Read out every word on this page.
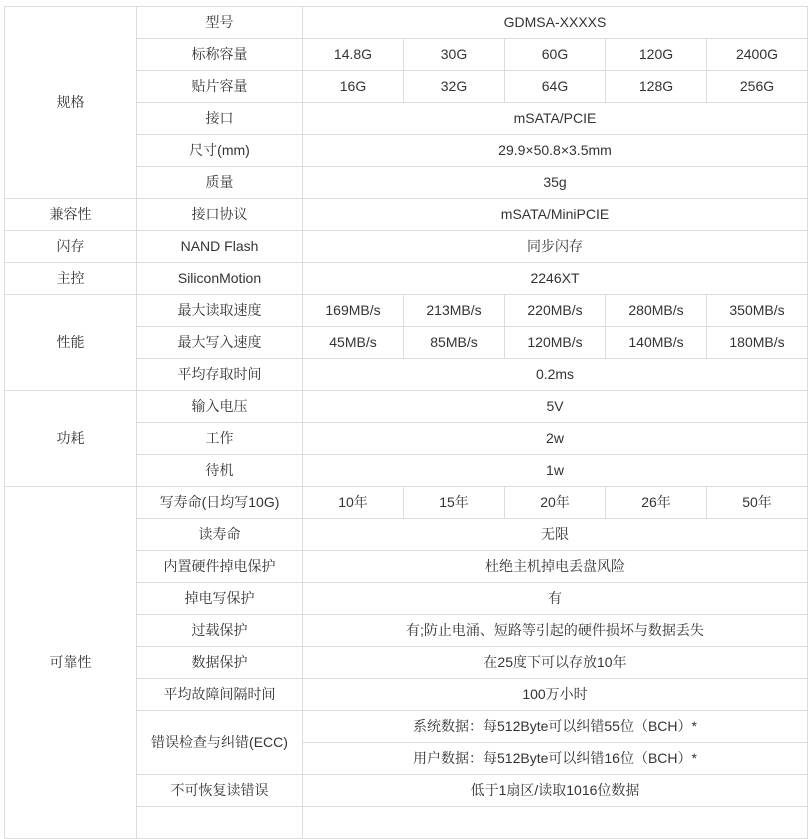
规格	型号	GDMSA-XXXXS				
	标称容量	14.8G	30G	60G	120G	2400G
	贴片容量	16G	32G	64G	128G	256G
	接口	mSATA/PCIE				
	尺寸(mm)	29.9×50.8×3.5mm				
	质量	35g				
兼容性	接口协议	mSATA/MiniPCIE				
闪存	NAND Flash	同步闪存				
主控	SiliconMotion	2246XT				
性能	最大读取速度	169MB/s	213MB/s	220MB/s	280MB/s	350MB/s
	最大写入速度	45MB/s	85MB/s	120MB/s	140MB/s	180MB/s
	平均存取时间	0.2ms				
功耗	输入电压	5V				
	工作	2w				
	待机	1w				
可靠性	写寿命(日均写10G)	10年	15年	20年	26年	50年
	读寿命	无限				
	内置硬件掉电保护	杜绝主机掉电丢盘风险				
	掉电写保护	有				
	过载保护	有;防止电涌、短路等引起的硬件损坏与数据丢失				
	数据保护	在25度下可以存放10年				
	平均故障间隔时间	100万小时				
	错误检查与纠错(ECC)	系统数据：每512Byte可以纠错55位（BCH）*				
		用户数据：每512Byte可以纠错16位（BCH）*				
	不可恢复读错误	低于1扇区/读取1016位数据				
